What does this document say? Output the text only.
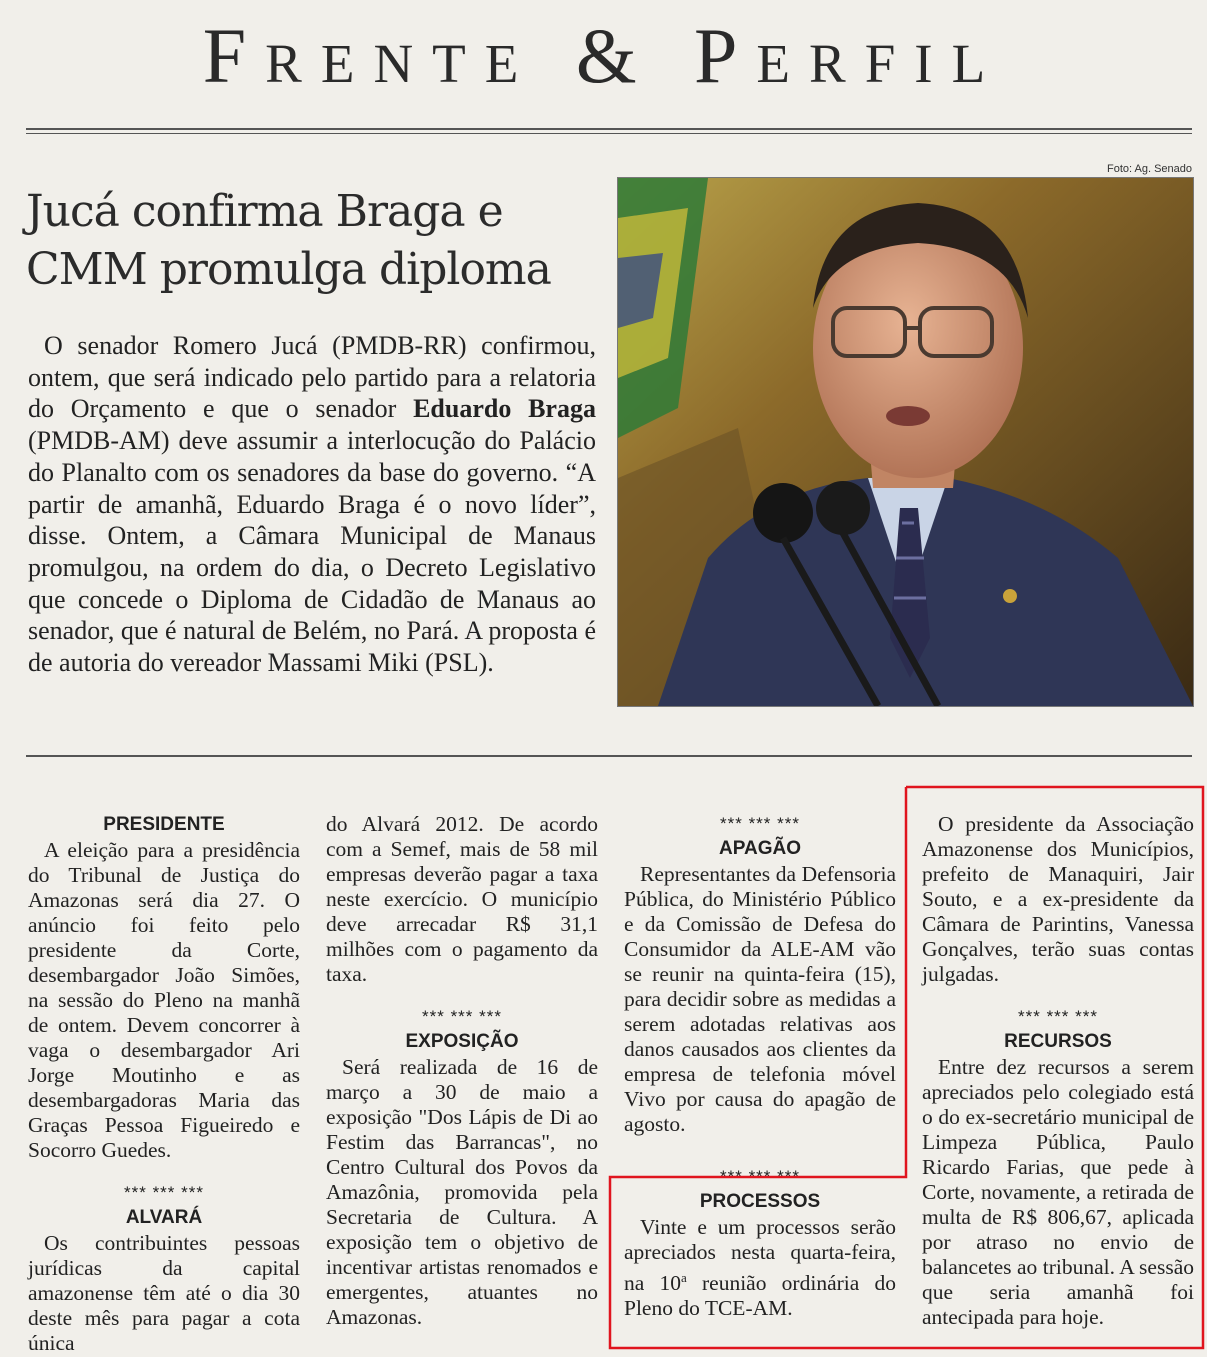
Frente & Perfil
Jucá confirma Braga e
CMM promulga diploma
O senador Romero Jucá (PMDB-RR) confirmou, ontem, que será indicado pelo partido para a relatoria do Orçamento e que o senador Eduardo Braga (PMDB-AM) deve assumir a interlocução do Palácio do Planalto com os senadores da base do governo. “A partir de amanhã, Eduardo Braga é o novo líder”, disse. Ontem, a Câmara Municipal de Manaus promulgou, na ordem do dia, o Decreto Legislativo que concede o Diploma de Cidadão de Manaus ao senador, que é natural de Belém, no Pará. A proposta é de autoria do vereador Massami Miki (PSL).
Foto: Ag. Senado
PRESIDENTE

A eleição para a presidência do Tribunal de Justiça do Amazonas será dia 27. O anúncio foi feito pelo presidente da Corte, desembargador João Simões, na sessão do Pleno na manhã de ontem. Devem concorrer à vaga o desembargador Ari Jorge Moutinho e as desembargadoras Maria das Graças Pessoa Figueiredo e Socorro Guedes.

*** *** ***
ALVARÁ

Os contribuintes pessoas jurídicas da capital amazonense têm até o dia 30 deste mês para pagar a cota única

do Alvará 2012. De acordo com a Semef, mais de 58 mil empresas deverão pagar a taxa neste exercício. O município deve arrecadar R$ 31,1 milhões com o pagamento da taxa.

*** *** ***
EXPOSIÇÃO

Será realizada de 16 de março a 30 de maio a exposição "Dos Lápis de Di ao Festim das Barrancas", no Centro Cultural dos Povos da Amazônia, promovida pela Secretaria de Cultura. A exposição tem o objetivo de incentivar artistas renomados e emergentes, atuantes no Amazonas.

*** *** ***
APAGÃO

Representantes da Defensoria Pública, do Ministério Público e da Comissão de Defesa do Consumidor da ALE-AM vão se reunir na quinta-feira (15), para decidir sobre as medidas a serem adotadas relativas aos danos causados aos clientes da empresa de telefonia móvel Vivo por causa do apagão de agosto.

*** *** ***
PROCESSOS

Vinte e um processos serão apreciados nesta quarta-feira, na 10$^a$ reunião ordinária do Pleno do TCE-AM.

O presidente da Associação Amazonense dos Municípios, prefeito de Manaquiri, Jair Souto, e a ex-presidente da Câmara de Parintins, Vanessa Gonçalves, terão suas contas julgadas.

*** *** ***
RECURSOS

Entre dez recursos a serem apreciados pelo colegiado está o do ex-secretário municipal de Limpeza Pública, Paulo Ricardo Farias, que pede à Corte, novamente, a retirada de multa de R$ 806,67, aplicada por atraso no envio de balancetes ao tribunal. A sessão que seria amanhã foi antecipada para hoje.
